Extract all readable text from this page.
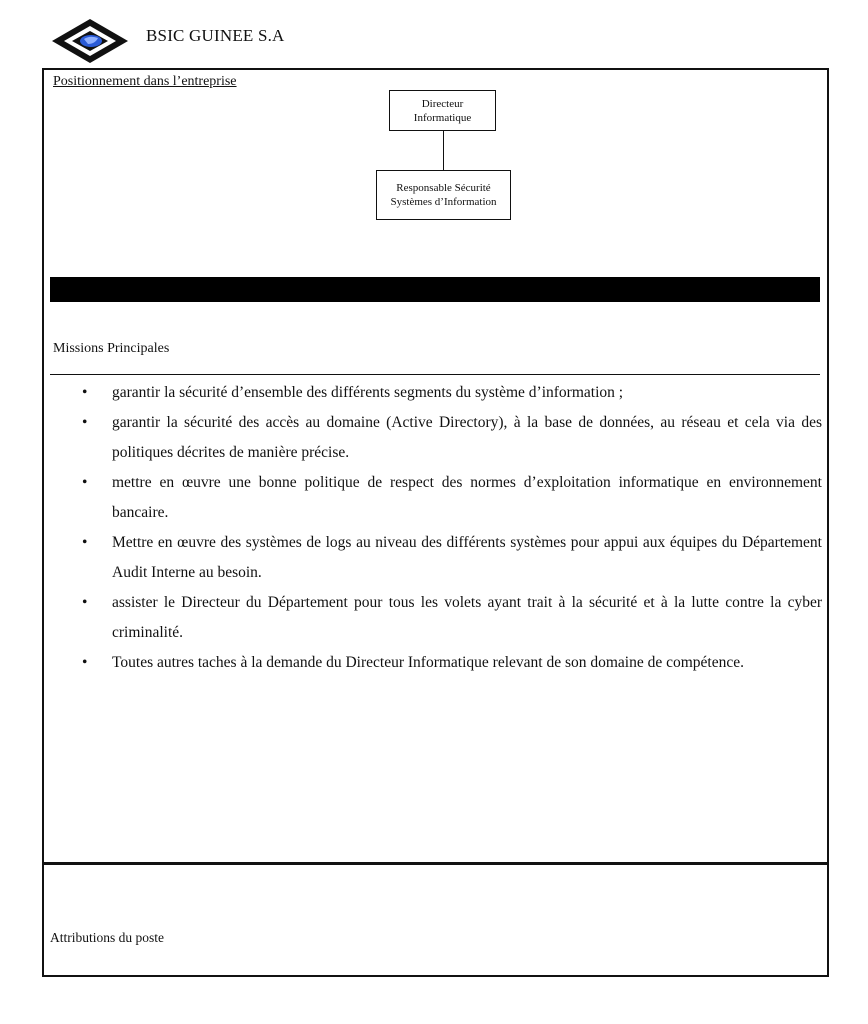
BSIC GUINEE S.A
Positionnement dans l’entreprise
Directeur
Informatique
Responsable Sécurité
Systèmes d’Information
Missions Principales
• garantir la sécurité d’ensemble des différents segments du système d’information ;
• garantir la sécurité des accès au domaine (Active Directory), à la base de données, au réseau et cela via des politiques décrites de manière précise.
• mettre en œuvre une bonne politique de respect des normes d’exploitation informatique en environnement bancaire.
• Mettre en œuvre des systèmes de logs au niveau des différents systèmes pour appui aux équipes du Département Audit Interne au besoin.
• assister le Directeur du Département pour tous les volets ayant trait à la sécurité et à la lutte contre la cyber criminalité.
• Toutes autres taches à la demande du Directeur Informatique relevant de son domaine de compétence.
Attributions du poste
